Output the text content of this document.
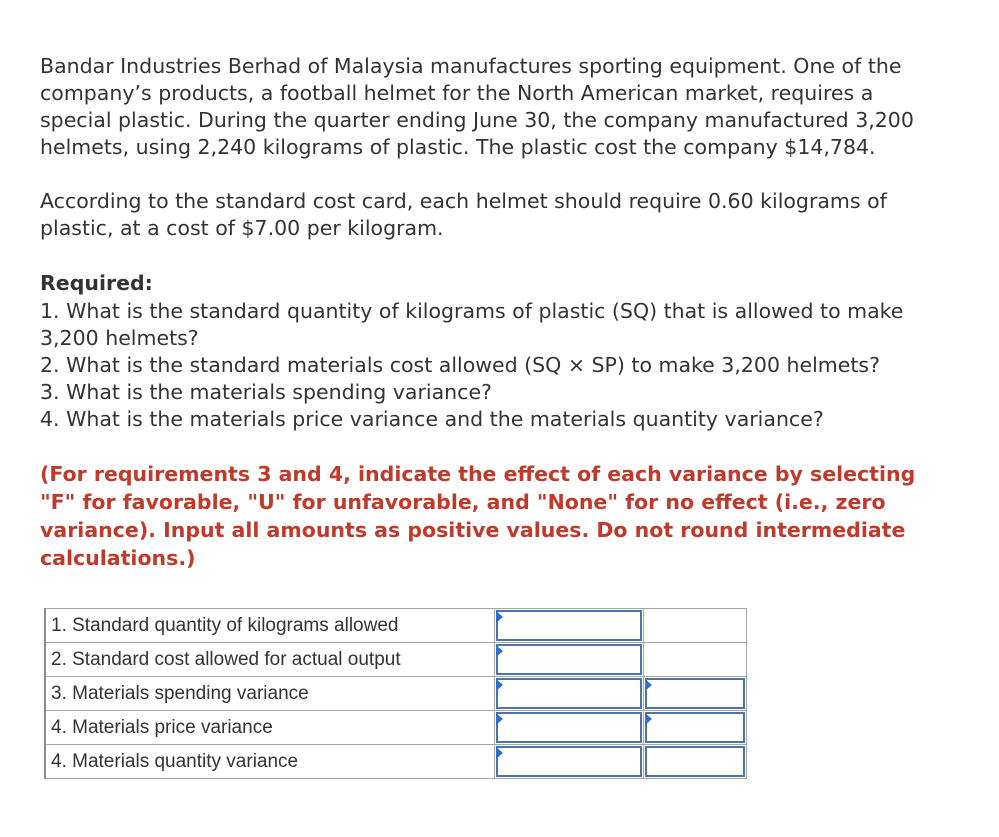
Bandar Industries Berhad of Malaysia manufactures sporting equipment. One of the company’s products, a football helmet for the North American market, requires a special plastic. During the quarter ending June 30, the company manufactured 3,200 helmets, using 2,240 kilograms of plastic. The plastic cost the company $14,784.

According to the standard cost card, each helmet should require 0.60 kilograms of plastic, at a cost of $7.00 per kilogram.

Required:

1. What is the standard quantity of kilograms of plastic (SQ) that is allowed to make 3,200 helmets?
2. What is the standard materials cost allowed (SQ × SP) to make 3,200 helmets?
3. What is the materials spending variance?
4. What is the materials price variance and the materials quantity variance?

(For requirements 3 and 4, indicate the effect of each variance by selecting "F" for favorable, "U" for unfavorable, and "None" for no effect (i.e., zero variance). Input all amounts as positive values. Do not round intermediate calculations.)

1. Standard quantity of kilograms allowed	

2. Standard cost allowed for actual output	

3. Materials spending variance	

4. Materials price variance	

4. Materials quantity variance	
